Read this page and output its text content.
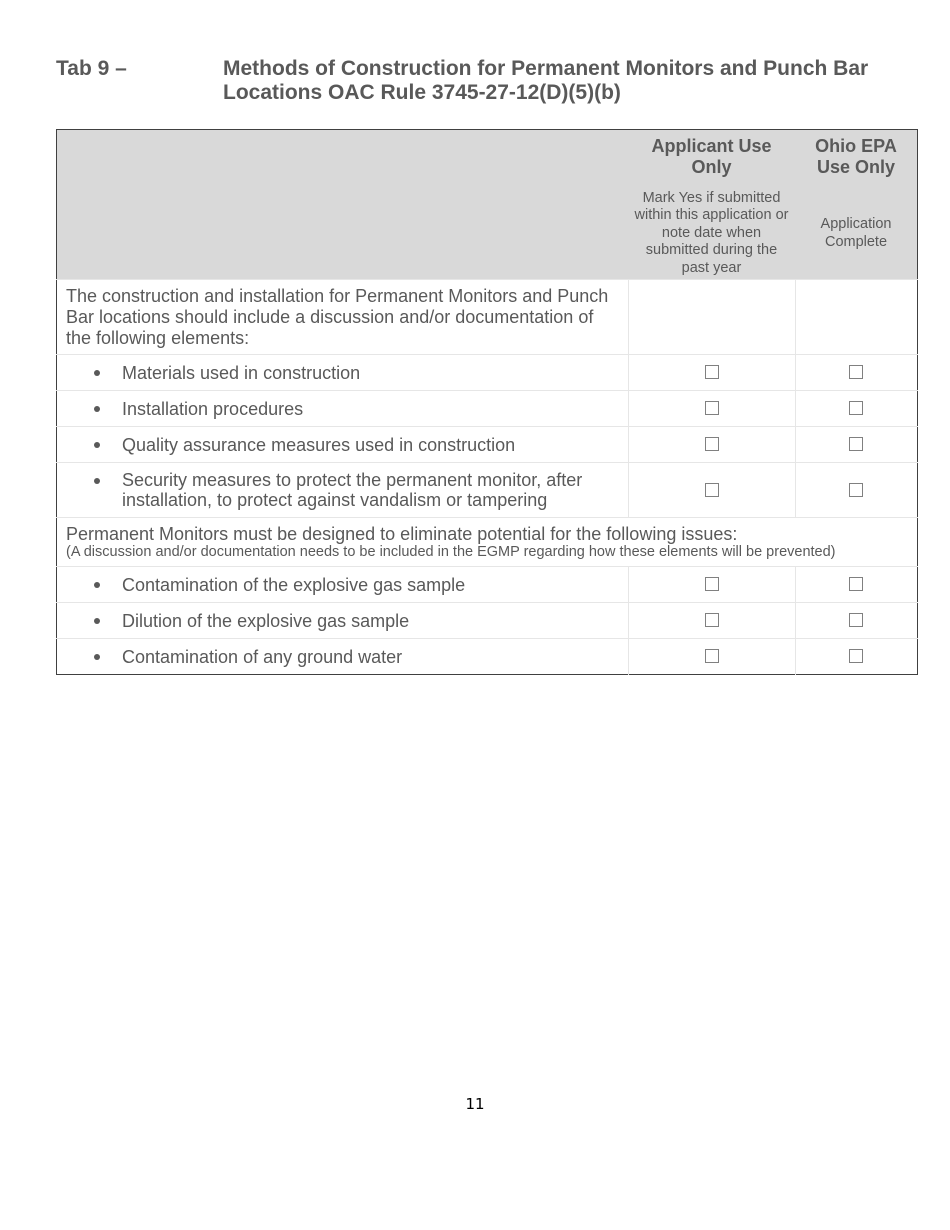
Tab 9 –	Methods of Construction for Permanent Monitors and Punch Bar Locations OAC Rule 3745-27-12(D)(5)(b)

	Applicant Use Only	Ohio EPA Use Only

	Mark Yes if submitted within this application or note date when submitted during the past year	Application Complete

The construction and installation for Permanent Monitors and Punch Bar locations should include a discussion and/or documentation of the following elements:		

Materials used in construction		

Installation procedures		

Quality assurance measures used in construction		

Security measures to protect the permanent monitor, after installation, to protect against vandalism or tampering		

Permanent Monitors must be designed to eliminate potential for the following issues:
(A discussion and/or documentation needs to be included in the EGMP regarding how these elements will be prevented)		

Contamination of the explosive gas sample		

Dilution of the explosive gas sample		

Contamination of any ground water		
11
